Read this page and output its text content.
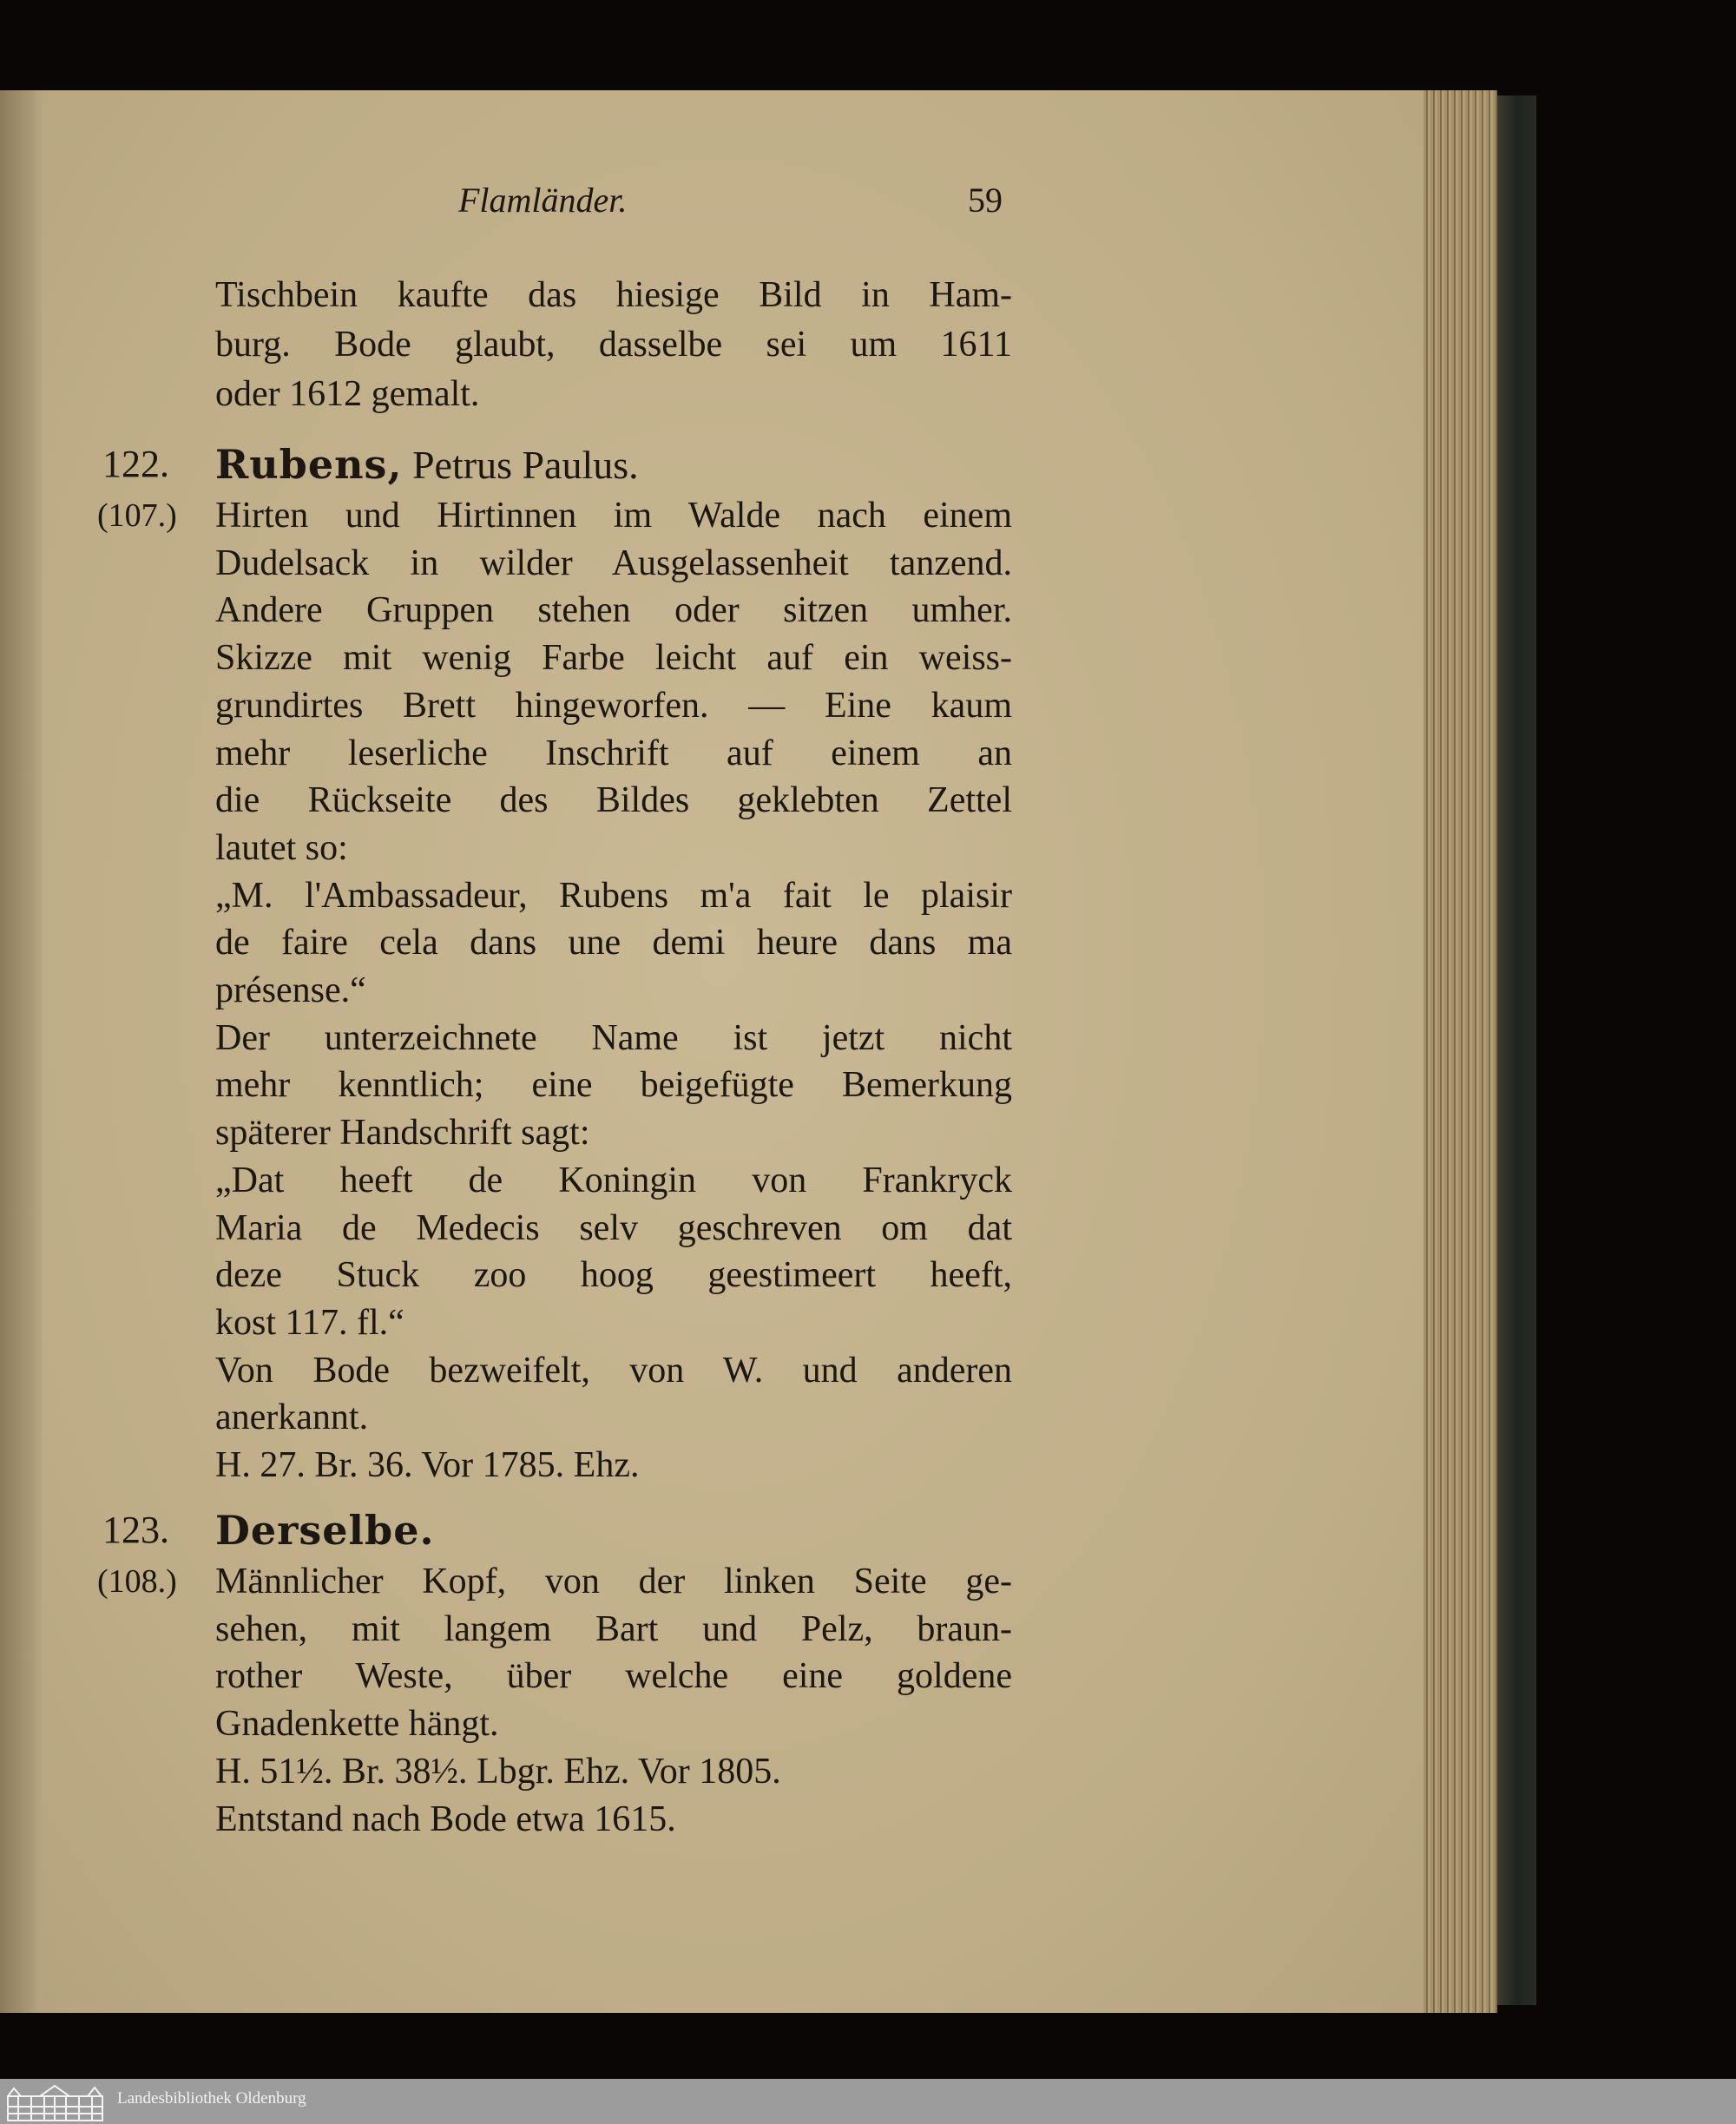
Flamländer.	59
Tischbein kaufte das hiesige Bild in Ham-
burg. Bode glaubt, dasselbe sei um 1611
oder 1612 gemalt.
122. Rubens, Petrus Paulus.
(107.) Hirten und Hirtinnen im Walde nach einem
Dudelsack in wilder Ausgelassenheit tanzend.
Andere Gruppen stehen oder sitzen umher.
Skizze mit wenig Farbe leicht auf ein weiss-
grundirtes Brett hingeworfen. — Eine kaum
mehr leserliche Inschrift auf einem an
die Rückseite des Bildes geklebten Zettel
lautet so:
„M. l'Ambassadeur, Rubens m'a fait le plaisir
de faire cela dans une demi heure dans ma
présense.“
Der unterzeichnete Name ist jetzt nicht
mehr kenntlich; eine beigefügte Bemerkung
späterer Handschrift sagt:
„Dat heeft de Koningin von Frankryck
Maria de Medecis selv geschreven om dat
deze Stuck zoo hoog geestimeert heeft,
kost 117. fl.“
Von Bode bezweifelt, von W. und anderen
anerkannt.
H. 27. Br. 36. Vor 1785. Ehz.
123. Derselbe.
(108.) Männlicher Kopf, von der linken Seite ge-
sehen, mit langem Bart und Pelz, braun-
rother Weste, über welche eine goldene
Gnadenkette hängt.
H. 51½. Br. 38½. Lbgr. Ehz. Vor 1805.
Entstand nach Bode etwa 1615.
Landesbibliothek Oldenburg
